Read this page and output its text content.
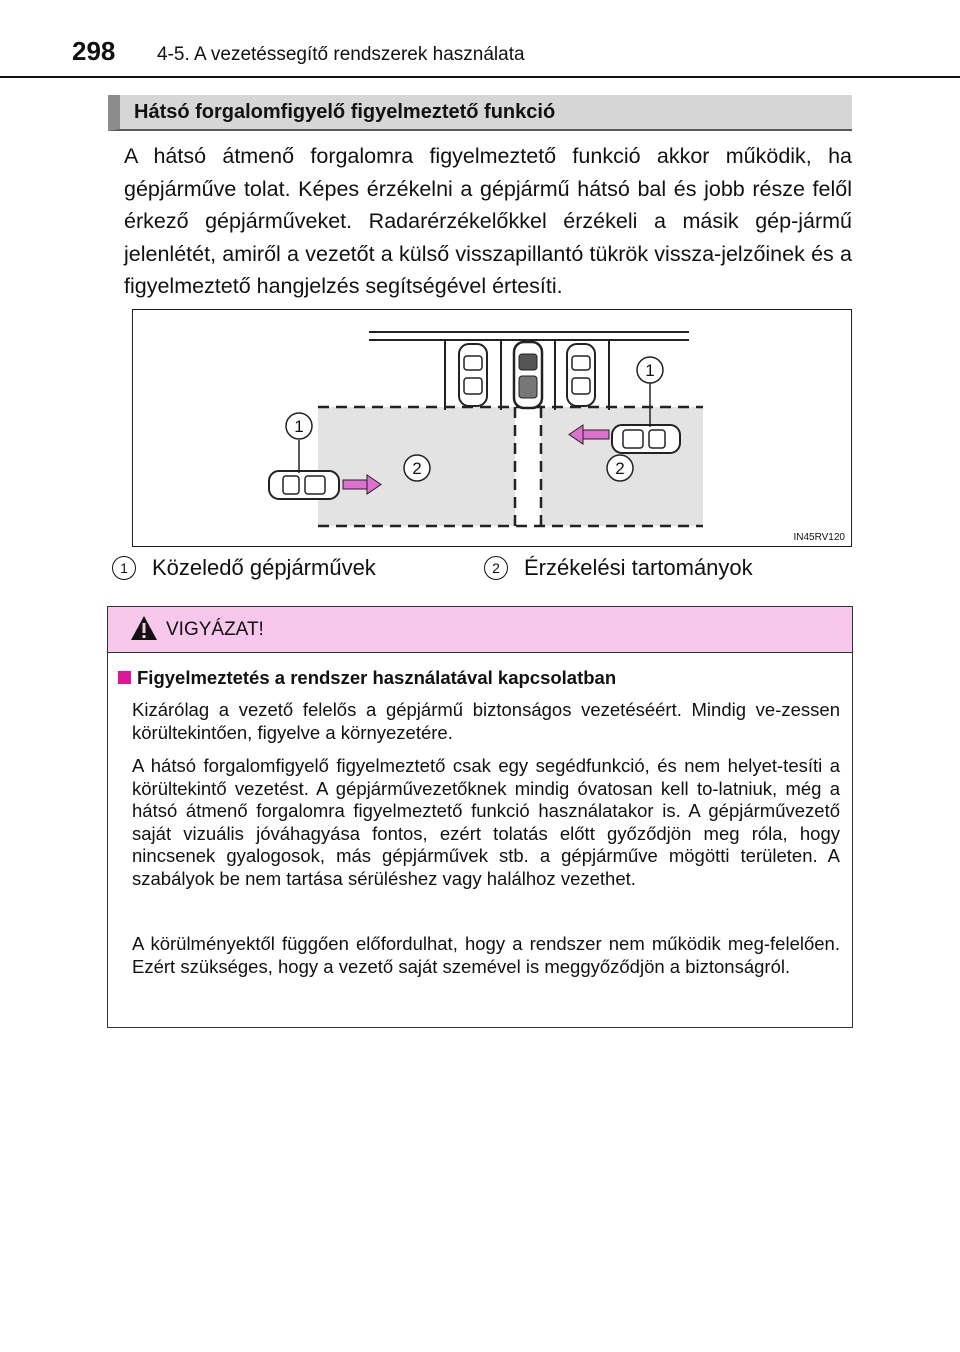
298 4-5. A vezetéssegítő rendszerek használata
Hátsó forgalomfigyelő figyelmeztető funkció
A hátsó átmenő forgalomra figyelmeztető funkció akkor működik, ha gépjárműve tolat. Képes érzékelni a gépjármű hátsó bal és jobb része felől érkező gépjárműveket. Radarérzékelőkkel érzékeli a másik gép-jármű jelenlétét, amiről a vezetőt a külső visszapillantó tükrök vissza-jelzőinek és a figyelmeztető hangjelzés segítségével értesíti.
1
1
2	2
IN45RV120
1	Közeledő gépjárművek	2	Érzékelési tartományok
VIGYÁZAT!
Figyelmeztetés a rendszer használatával kapcsolatban
Kizárólag a vezető felelős a gépjármű biztonságos vezetéséért. Mindig ve-zessen körültekintően, figyelve a környezetére.
A hátsó forgalomfigyelő figyelmeztető csak egy segédfunkció, és nem helyet-tesíti a körültekintő vezetést. A gépjárművezetőknek mindig óvatosan kell to-latniuk, még a hátsó átmenő forgalomra figyelmeztető funkció használatakor is. A gépjárművezető saját vizuális jóváhagyása fontos, ezért tolatás előtt győződjön meg róla, hogy nincsenek gyalogosok, más gépjárművek stb. a gépjárműve mögötti területen. A szabályok be nem tartása sérüléshez vagy halálhoz vezethet.
A körülményektől függően előfordulhat, hogy a rendszer nem működik meg-felelően. Ezért szükséges, hogy a vezető saját szemével is meggyőződjön a biztonságról.
